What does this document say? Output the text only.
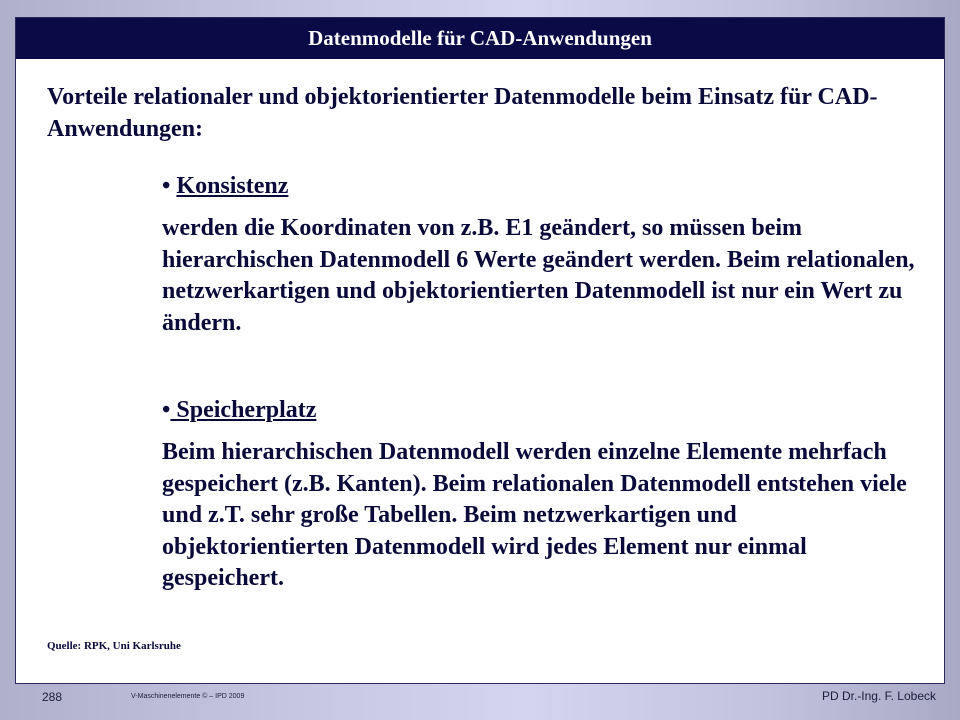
Datenmodelle für CAD-Anwendungen
Vorteile relationaler und objektorientierter Datenmodelle beim Einsatz für CAD-Anwendungen:
• Konsistenz
werden die Koordinaten von z.B. E1 geändert, so müssen beim hierarchischen Datenmodell 6 Werte geändert werden. Beim relationalen, netzwerkartigen und objektorientierten Datenmodell ist nur ein Wert zu ändern.
• Speicherplatz
Beim hierarchischen Datenmodell werden einzelne Elemente mehrfach gespeichert (z.B. Kanten). Beim relationalen Datenmodell entstehen viele und z.T. sehr große Tabellen. Beim netzwerkartigen und objektorientierten Datenmodell wird jedes Element nur einmal gespeichert.
Quelle: RPK, Uni Karlsruhe
288	V-Maschinenelemente © – IPD 2009	PD Dr.-Ing. F. Lobeck
